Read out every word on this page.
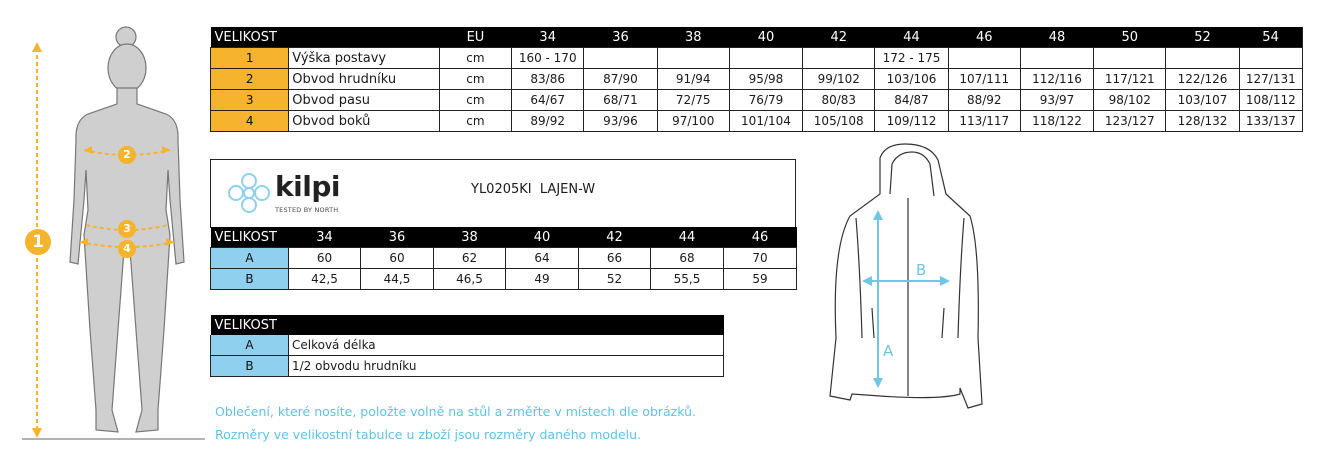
1
2
3
4
VELIKOST		EU	34	36	38	40	42	44	46	48	50	52	54
1	Výška postavy	cm	160 - 170					172 - 175					
2	Obvod hrudníku	cm	83/86	87/90	91/94	95/98	99/102	103/106	107/111	112/116	117/121	122/126	127/131
3	Obvod pasu	cm	64/67	68/71	72/75	76/79	80/83	84/87	88/92	93/97	98/102	103/107	108/112
4	Obvod boků	cm	89/92	93/96	97/100	101/104	105/108	109/112	113/117	118/122	123/127	128/132	133/137
kilpi
TESTED BY NORTH
YL0205KI  LAJEN-W
VELIKOST	34	36	38	40	42	44	46
A	60	60	62	64	66	68	70
B	42,5	44,5	46,5	49	52	55,5	59
VELIKOST				
A	Celková délka			
B	1/2 obvodu hrudníku			
Oblečení, které nosíte, položte volně na stůl a změřte v místech dle obrázků.
Rozměry ve velikostní tabulce u zboží jsou rozměry daného modelu.
A
B
